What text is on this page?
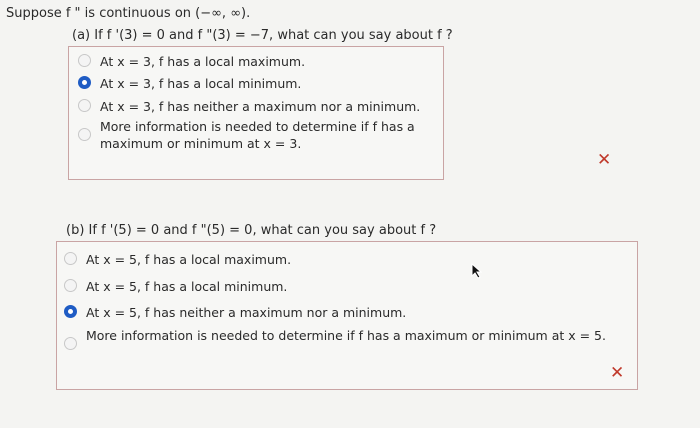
Suppose f " is continuous on (−∞, ∞).
(a) If f '(3) = 0 and f "(3) = −7, what can you say about f ?
At x = 3, f has a local maximum.
At x = 3, f has a local minimum.
At x = 3, f has neither a maximum nor a minimum.
More information is needed to determine if f has a maximum or minimum at x = 3.
✕
(b) If f '(5) = 0 and f "(5) = 0, what can you say about f ?
At x = 5, f has a local maximum.
At x = 5, f has a local minimum.
At x = 5, f has neither a maximum nor a minimum.
More information is needed to determine if f has a maximum or minimum at x = 5.
✕
